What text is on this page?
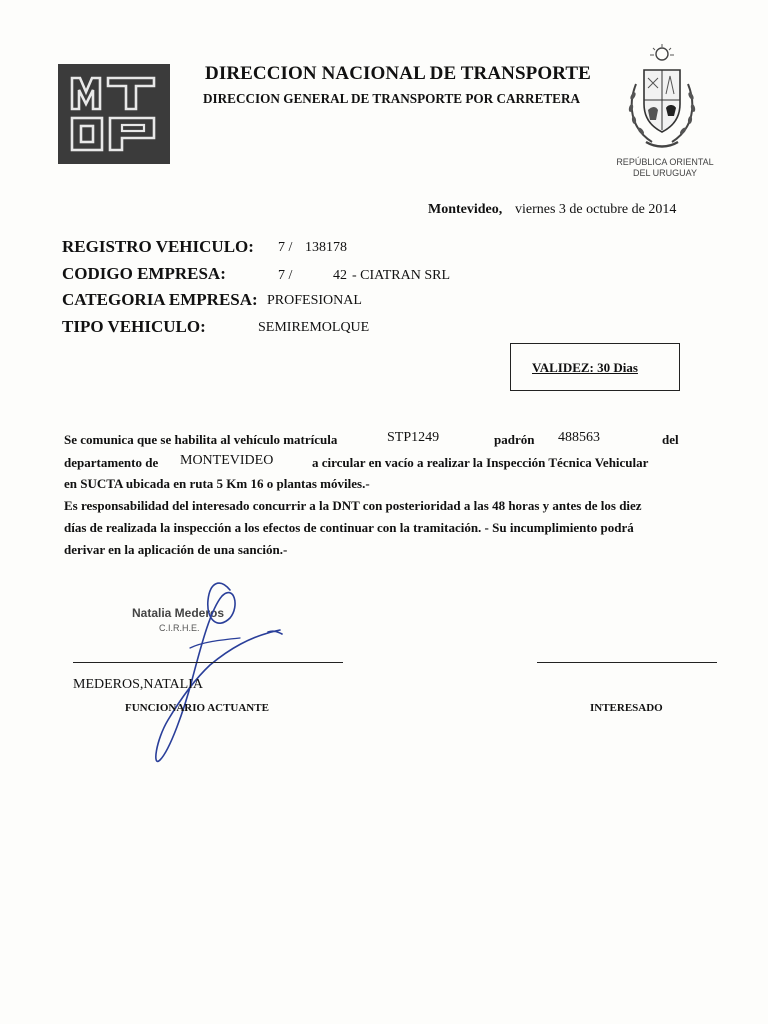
DIRECCION NACIONAL DE TRANSPORTE
DIRECCION GENERAL DE TRANSPORTE POR CARRETERA
REPÚBLICA ORIENTAL
DEL URUGUAY
Montevideo, viernes 3 de octubre de 2014
REGISTRO VEHICULO: 7 / 138178
CODIGO EMPRESA:	7 /	42 - CIATRAN SRL
CATEGORIA EMPRESA: PROFESIONAL
TIPO VEHICULO:	SEMIREMOLQUE
VALIDEZ: 30 Dias
Se comunica que se habilita al vehículo matrícula	STP1249	padrón 488563	del
departamento de MONTEVIDEO	a circular en vacío a realizar la Inspección Técnica Vehicular
en SUCTA ubicada en ruta 5 Km 16 o plantas móviles.-
Es responsabilidad del interesado concurrir a la DNT con posterioridad a las 48 horas y antes de los diez
días de realizada la inspección a los efectos de continuar con la tramitación. - Su incumplimiento podrá
derivar en la aplicación de una sanción.-
Natalia Mederos
C.I.R.H.E.
MEDEROS,NATALIA
FUNCIONARIO ACTUANTE	INTERESADO
